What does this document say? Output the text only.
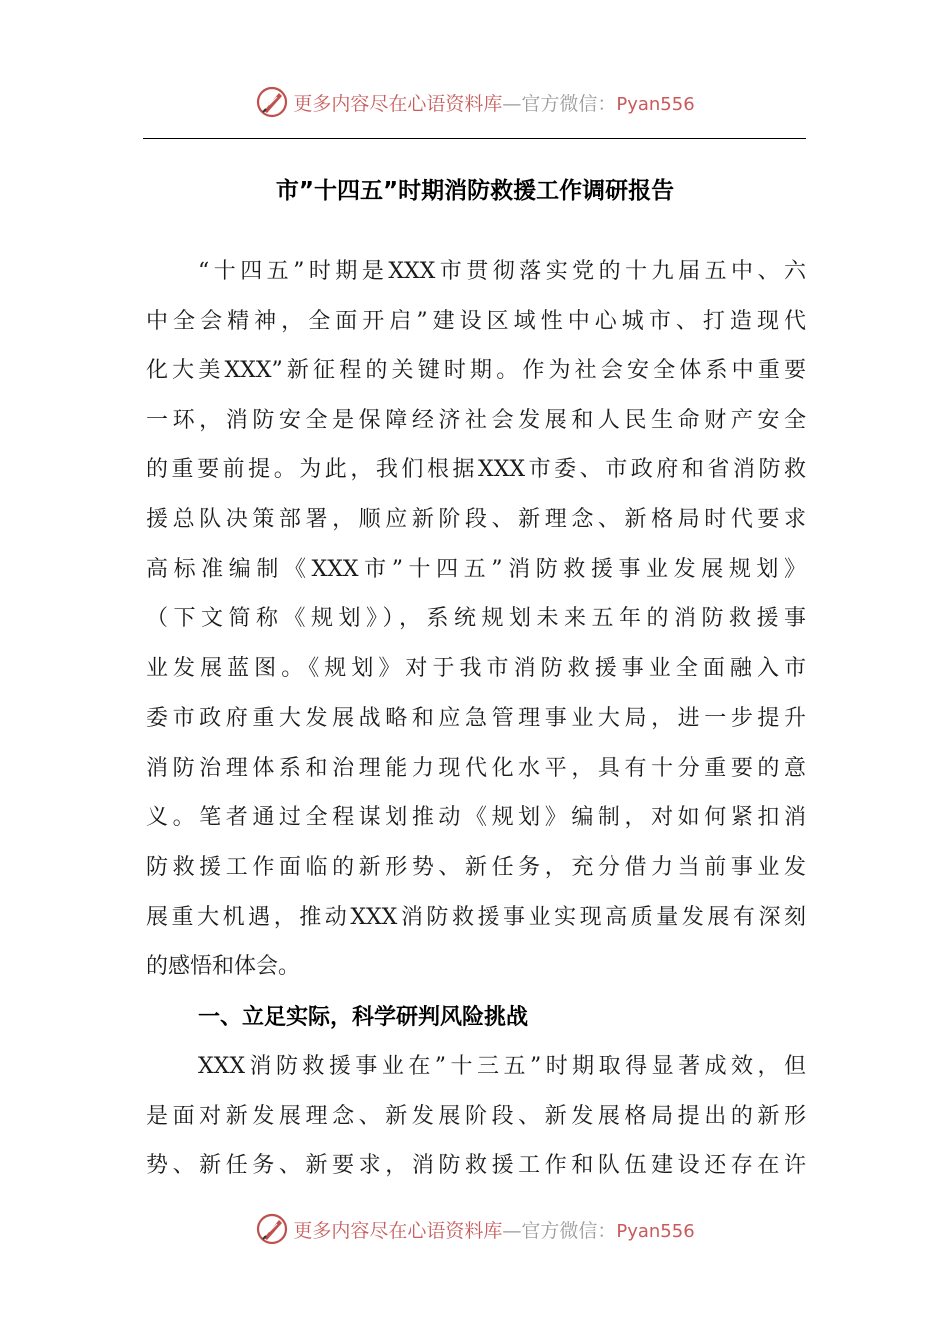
更多内容尽在心语资料库—官方微信：Pyan556
市”十四五”时期消防救援工作调研报告
“十四五”时期是XXX市贯彻落实党的十九届五中、六
中全会精神，全面开启”建设区域性中心城市、打造现代
化大美XXX”新征程的关键时期。作为社会安全体系中重要
一环，消防安全是保障经济社会发展和人民生命财产安全
的重要前提。为此，我们根据XXX市委、市政府和省消防救
援总队决策部署，顺应新阶段、新理念、新格局时代要求
高标准编制《XXX市”十四五”消防救援事业发展规划》
（下文简称《规划》），系统规划未来五年的消防救援事
业发展蓝图。《规划》对于我市消防救援事业全面融入市
委市政府重大发展战略和应急管理事业大局，进一步提升
消防治理体系和治理能力现代化水平，具有十分重要的意
义。笔者通过全程谋划推动《规划》编制，对如何紧扣消
防救援工作面临的新形势、新任务，充分借力当前事业发
展重大机遇，推动XXX消防救援事业实现高质量发展有深刻
的感悟和体会。
一、立足实际，科学研判风险挑战
XXX消防救援事业在”十三五”时期取得显著成效，但
是面对新发展理念、新发展阶段、新发展格局提出的新形
势、新任务、新要求，消防救援工作和队伍建设还存在许
更多内容尽在心语资料库—官方微信：Pyan556
